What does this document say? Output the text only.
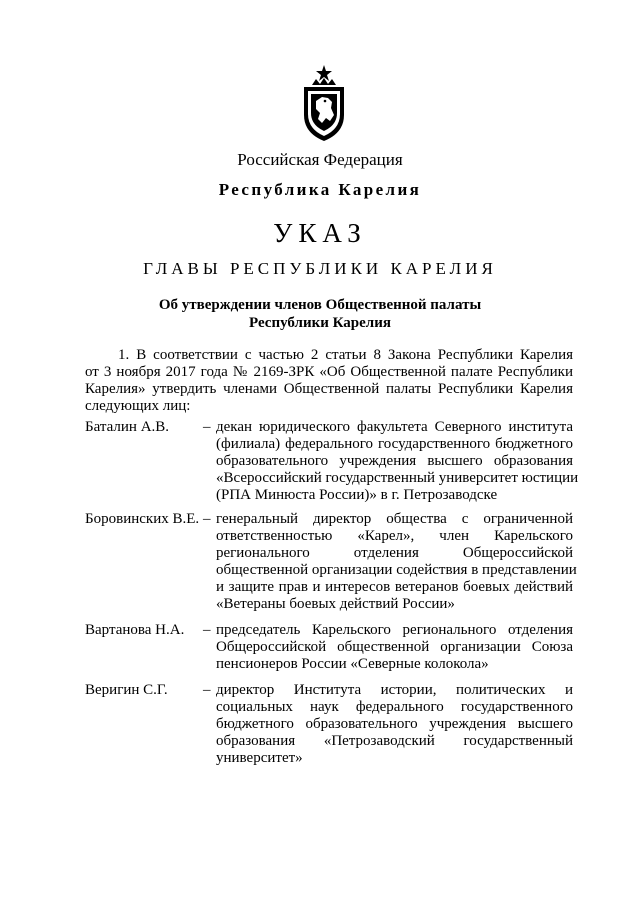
Российская Федерация
Республика Карелия
УКАЗ
ГЛАВЫ РЕСПУБЛИКИ КАРЕЛИЯ
Об утверждении членов Общественной палаты
Республики Карелия
1. В соответствии с частью 2 статьи 8 Закона Республики Карелия
от 3 ноября 2017 года № 2169-ЗРК «Об Общественной палате Республики
Карелия» утвердить членами Общественной палаты Республики Карелия
следующих лиц:
Баталин А.В. – декан юридического факультета Северного института
(филиала) федерального государственного бюджетного
образовательного учреждения высшего образования
«Всероссийский государственный университет юстиции
(РПА Минюста России)» в г. Петрозаводске
Боровинских В.Е. – генеральный директор общества с ограниченной
ответственностью «Карел», член Карельского
регионального отделения Общероссийской
общественной организации содействия в представлении
и защите прав и интересов ветеранов боевых действий
«Ветераны боевых действий России»
Вартанова Н.А. – председатель Карельского регионального отделения
Общероссийской общественной организации Союза
пенсионеров России «Северные колокола»
Веригин С.Г. – директор Института истории, политических и
социальных наук федерального государственного
бюджетного образовательного учреждения высшего
образования «Петрозаводский государственный
университет»
